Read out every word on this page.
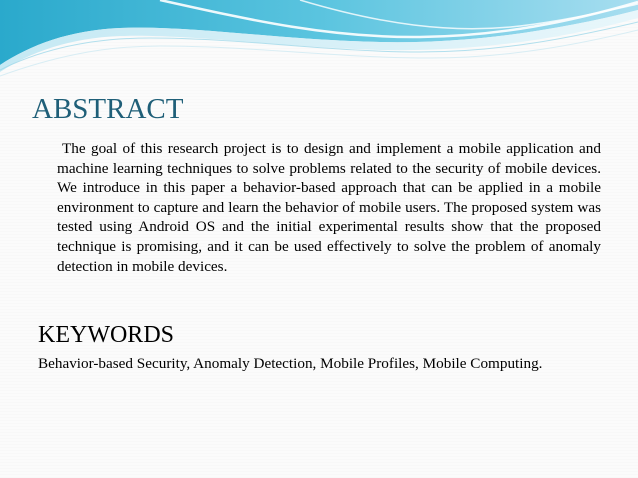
ABSTRACT

The goal of this research project is to design and implement a mobile application and machine learning techniques to solve problems related to the security of mobile devices. We introduce in this paper a behavior-based approach that can be applied in a mobile environment to capture and learn the behavior of mobile users. The proposed system was tested using Android OS and the initial experimental results show that the proposed technique is promising, and it can be used effectively to solve the problem of anomaly detection in mobile devices.

KEYWORDS

Behavior-based Security, Anomaly Detection, Mobile Profiles, Mobile Computing.
